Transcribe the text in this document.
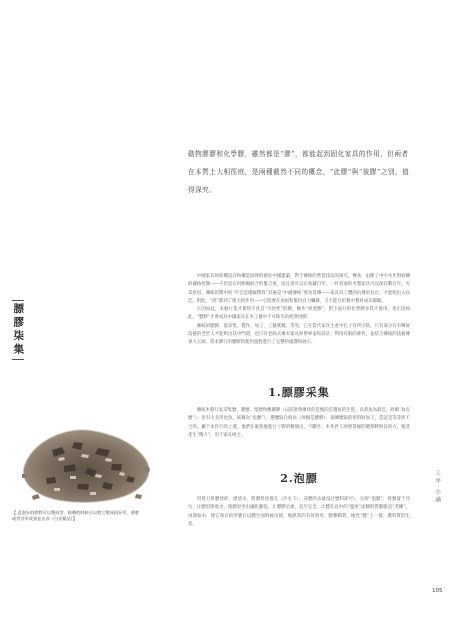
動物膠膠和化學膠，雖然都是“膠”，都能起到固化家具的作用，但兩者在本質上大相徑庭，是兩種截然不同的概念，“此膠”與“彼膠”之別，值得深究。
膘膠柒集

中國家具的結構設計和構造原理的源於中國建築，對于傳統的營造技法的探究，傳承，由理了中中木作對結構的嚴格控制——不但是在用膠擬結合的緊合度，而且還可以在收藏百年，一件普通的木製家具可以保存數百年，究其原因，傳統的製中的“可否這樣解釋我”其遍是“中國傳統”要為當傳——家具有了體的抗彎的抗台，才能夠出入良佳。對此，“經”都到了很大的作用——它既要在加固和緊持有力觸碼，又不能在折舊中整料成功圓碼。

正因如此，木藝行業才會得不甚自“可逆性”的膠，稱作“經產膠”，對下面行的化學膠多我不會用；也正因如此，“膘膠”才會成為中國家具在木工藝中不可缺失的經典用膠。

傳統的膘膠，從采集、製作、加工、工藝實踐，等等，它在當代家具生產中孔子有所空缺，只有部分有有傳統技藝的老匠人才能夠出其中門道，也只有老師式傳木家具經營專家和設計，利用有限的條件、並結合傳統的技藝傳承人王師，將本膠行的膘膠的使用過程進行了完整的搶護和展示。

1.膘膠采集

傳統木藝行家采集膘、選膘、集膘和敷膚膠（以前批發廣欣的是甄的首選魚的生肢，以黃魚為最佳，故稱“魚皮膘”）；但有大多用也魚，統稱為“魚膘”），選膘取自海魚（故桐是膘膠），取傳膘取的原料收加工，當這是等等與不合的，屬于木作行的上透。他們在累然後進行了膠的精簡出，不斷作、木作匠人則要掌握的選擇膠與良的方，使其產生“精力”，用于家具組合。

【 浸泡好的膠膠可以塑成型、晾晒的時候可以把它製成很好形、要麼或者各形成果並出非（白式樣品）】
2.泡膘

用剪刀将膘剪碎，漂清水，將膘料放置在（冷水下），浸膘的水量没过膘料即可），这时“泡膘”，将膘置于冷台，让膘里吸收水，使膘里坐出融化膨張，让膘膠后柔，直至完全。让膘在以中的“溫度”面膘的質膨脹是“老練”，再澤如水，使它保存的形態在以膘至加時候出使，後熱效的有效效率，膘彈輯質，地性“膘”上一層，糞料質的生產。

工序·小满
105
